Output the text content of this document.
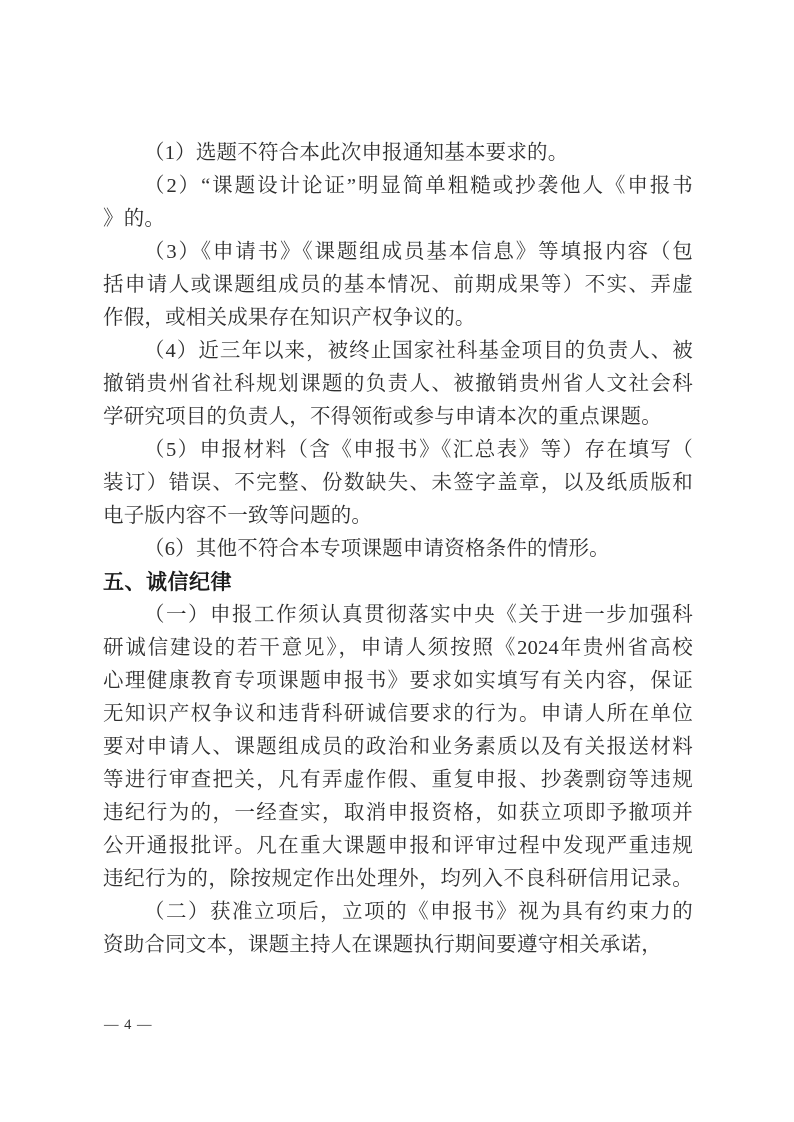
（1）选题不符合本此次申报通知基本要求的。
（2）“课题设计论证”明显简单粗糙或抄袭他人《申报书
》的。
（3）《申请书》《课题组成员基本信息》等填报内容（包
括申请人或课题组成员的基本情况、前期成果等）不实、弄虚
作假，或相关成果存在知识产权争议的。
（4）近三年以来，被终止国家社科基金项目的负责人、被
撤销贵州省社科规划课题的负责人、被撤销贵州省人文社会科
学研究项目的负责人，不得领衔或参与申请本次的重点课题。
（5）申报材料（含《申报书》《汇总表》等）存在填写（
装订）错误、不完整、份数缺失、未签字盖章，以及纸质版和
电子版内容不一致等问题的。
（6）其他不符合本专项课题申请资格条件的情形。
五、诚信纪律
（一）申报工作须认真贯彻落实中央《关于进一步加强科
研诚信建设的若干意见》，申请人须按照《2024年贵州省高校
心理健康教育专项课题申报书》要求如实填写有关内容，保证
无知识产权争议和违背科研诚信要求的行为。申请人所在单位
要对申请人、课题组成员的政治和业务素质以及有关报送材料
等进行审查把关，凡有弄虚作假、重复申报、抄袭剽窃等违规
违纪行为的，一经查实，取消申报资格，如获立项即予撤项并
公开通报批评。凡在重大课题申报和评审过程中发现严重违规
违纪行为的，除按规定作出处理外，均列入不良科研信用记录。
（二）获准立项后，立项的《申报书》视为具有约束力的
资助合同文本，课题主持人在课题执行期间要遵守相关承诺，
— 4 —
